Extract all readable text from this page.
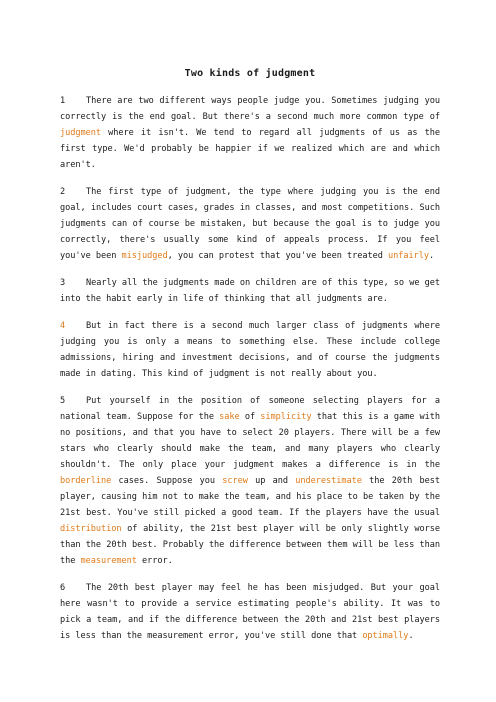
Two kinds of judgment

1 There are two different ways people judge you. Sometimes judging you correctly is the end goal. But there's a second much more common type of judgment where it isn't. We tend to regard all judgments of us as the first type. We'd probably be happier if we realized which are and which aren't.

2 The first type of judgment, the type where judging you is the end goal, includes court cases, grades in classes, and most competitions. Such judgments can of course be mistaken, but because the goal is to judge you correctly, there's usually some kind of appeals process. If you feel you've been misjudged, you can protest that you've been treated unfairly.

3 Nearly all the judgments made on children are of this type, so we get into the habit early in life of thinking that all judgments are.

4 But in fact there is a second much larger class of judgments where judging you is only a means to something else. These include college admissions, hiring and investment decisions, and of course the judgments made in dating. This kind of judgment is not really about you.

5 Put yourself in the position of someone selecting players for a national team. Suppose for the sake of simplicity that this is a game with no positions, and that you have to select 20 players. There will be a few stars who clearly should make the team, and many players who clearly shouldn't. The only place your judgment makes a difference is in the borderline cases. Suppose you screw up and underestimate the 20th best player, causing him not to make the team, and his place to be taken by the 21st best. You've still picked a good team. If the players have the usual distribution of ability, the 21st best player will be only slightly worse than the 20th best. Probably the difference between them will be less than the measurement error.

6 The 20th best player may feel he has been misjudged. But your goal here wasn't to provide a service estimating people's ability. It was to pick a team, and if the difference between the 20th and 21st best players is less than the measurement error, you've still done that optimally.
